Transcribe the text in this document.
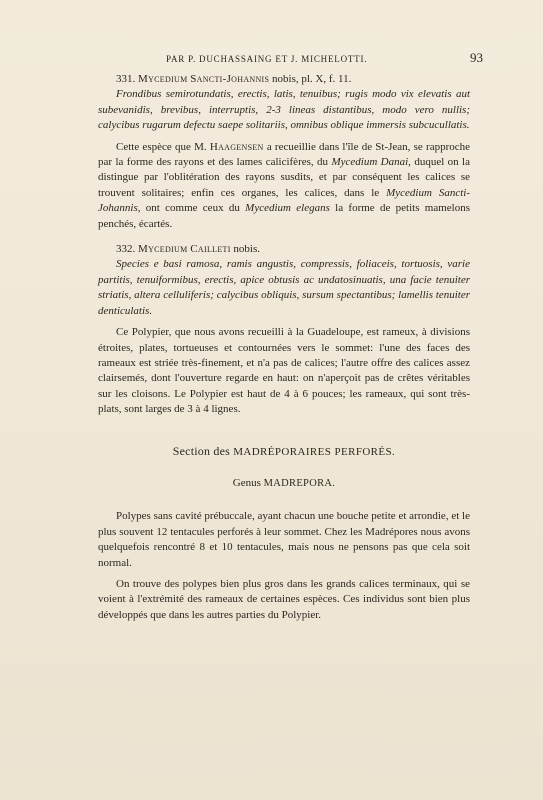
PAR P. DUCHASSAING ET J. MICHELOTTI.	93

331. Mycedium Sancti-Johannis nobis, pl. X, f. 11.

Frondibus semirotundatis, erectis, latis, tenuibus; rugis modo vix elevatis aut subevanidis, brevibus, interruptis, 2-3 lineas distantibus, modo vero nullis; calycibus rugarum defectu saepe solitariis, omnibus oblique immersis subcucullatis.

Cette espèce que M. Haagensen a recueillie dans l'île de St-Jean, se rapproche par la forme des rayons et des lames calicifères, du Mycedium Danai, duquel on la distingue par l'oblitération des rayons susdits, et par conséquent les calices se trouvent solitaires; enfin ces organes, les calices, dans le Mycedium Sancti-Johannis, ont comme ceux du Mycedium elegans la forme de petits mamelons penchés, écartés.

332. Mycedium Cailleti nobis.

Species e basi ramosa, ramis angustis, compressis, foliaceis, tortuosis, varie partitis, tenuiformibus, erectis, apice obtusis ac undatosinuatis, una facie tenuiter striatis, altera celluliferis; calycibus obliquis, sursum spectantibus; lamellis tenuiter denticulatis.

Ce Polypier, que nous avons recueilli à la Guadeloupe, est rameux, à divisions étroites, plates, tortueuses et contournées vers le sommet: l'une des faces des rameaux est striée très-finement, et n'a pas de calices; l'autre offre des calices assez clairsemés, dont l'ouverture regarde en haut: on n'aperçoit pas de crêtes véritables sur les cloisons. Le Polypier est haut de 4 à 6 pouces; les rameaux, qui sont très-plats, sont larges de 3 à 4 lignes.

Section des MADRÉPORAIRES PERFORÉS.
Genus MADREPORA.

Polypes sans cavité prébuccale, ayant chacun une bouche petite et arrondie, et le plus souvent 12 tentacules perforés à leur sommet. Chez les Madrépores nous avons quelquefois rencontré 8 et 10 tentacules, mais nous ne pensons pas que cela soit normal.

On trouve des polypes bien plus gros dans les grands calices terminaux, qui se voient à l'extrémité des rameaux de certaines espèces. Ces individus sont bien plus développés que dans les autres parties du Polypier.
